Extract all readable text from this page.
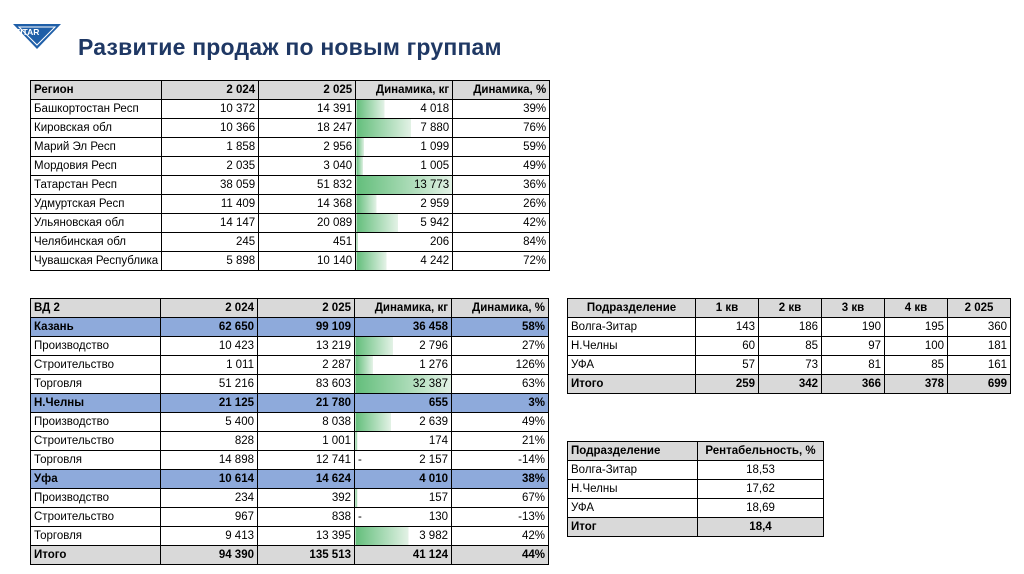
ZITAR
Развитие продаж по новым группам
Регион	2 024	2 025	Динамика, кг	Динамика, %
Башкортостан Респ	10 372	14 391	4 018	39%
Кировская обл	10 366	18 247	7 880	76%
Марий Эл Респ	1 858	2 956	1 099	59%
Мордовия Респ	2 035	3 040	1 005	49%
Татарстан Респ	38 059	51 832	13 773	36%
Удмуртская Респ	11 409	14 368	2 959	26%
Ульяновская обл	14 147	20 089	5 942	42%
Челябинская обл	245	451	206	84%
Чувашская Республика	5 898	10 140	4 242	72%
ВД 2	2 024	2 025	Динамика, кг	Динамика, %
Казань	62 650	99 109	36 458	58%
Производство	10 423	13 219	2 796	27%
Строительство	1 011	2 287	1 276	126%
Торговля	51 216	83 603	32 387	63%
Н.Челны	21 125	21 780	655	3%
Производство	5 400	8 038	2 639	49%
Строительство	828	1 001	174	21%
Торговля	14 898	12 741	- 2 157	-14%
Уфа	10 614	14 624	4 010	38%
Производство	234	392	157	67%
Строительство	967	838	- 130	-13%
Торговля	9 413	13 395	3 982	42%
Итого	94 390	135 513	41 124	44%
Подразделение	1 кв	2 кв	3 кв	4 кв	2 025
Волга-Зитар	143	186	190	195	360
Н.Челны	60	85	97	100	181
УФА	57	73	81	85	161
Итого	259	342	366	378	699
Подразделение	Рентабельность, %
Волга-Зитар	18,53
Н.Челны	17,62
УФА	18,69
Итог	18,4
